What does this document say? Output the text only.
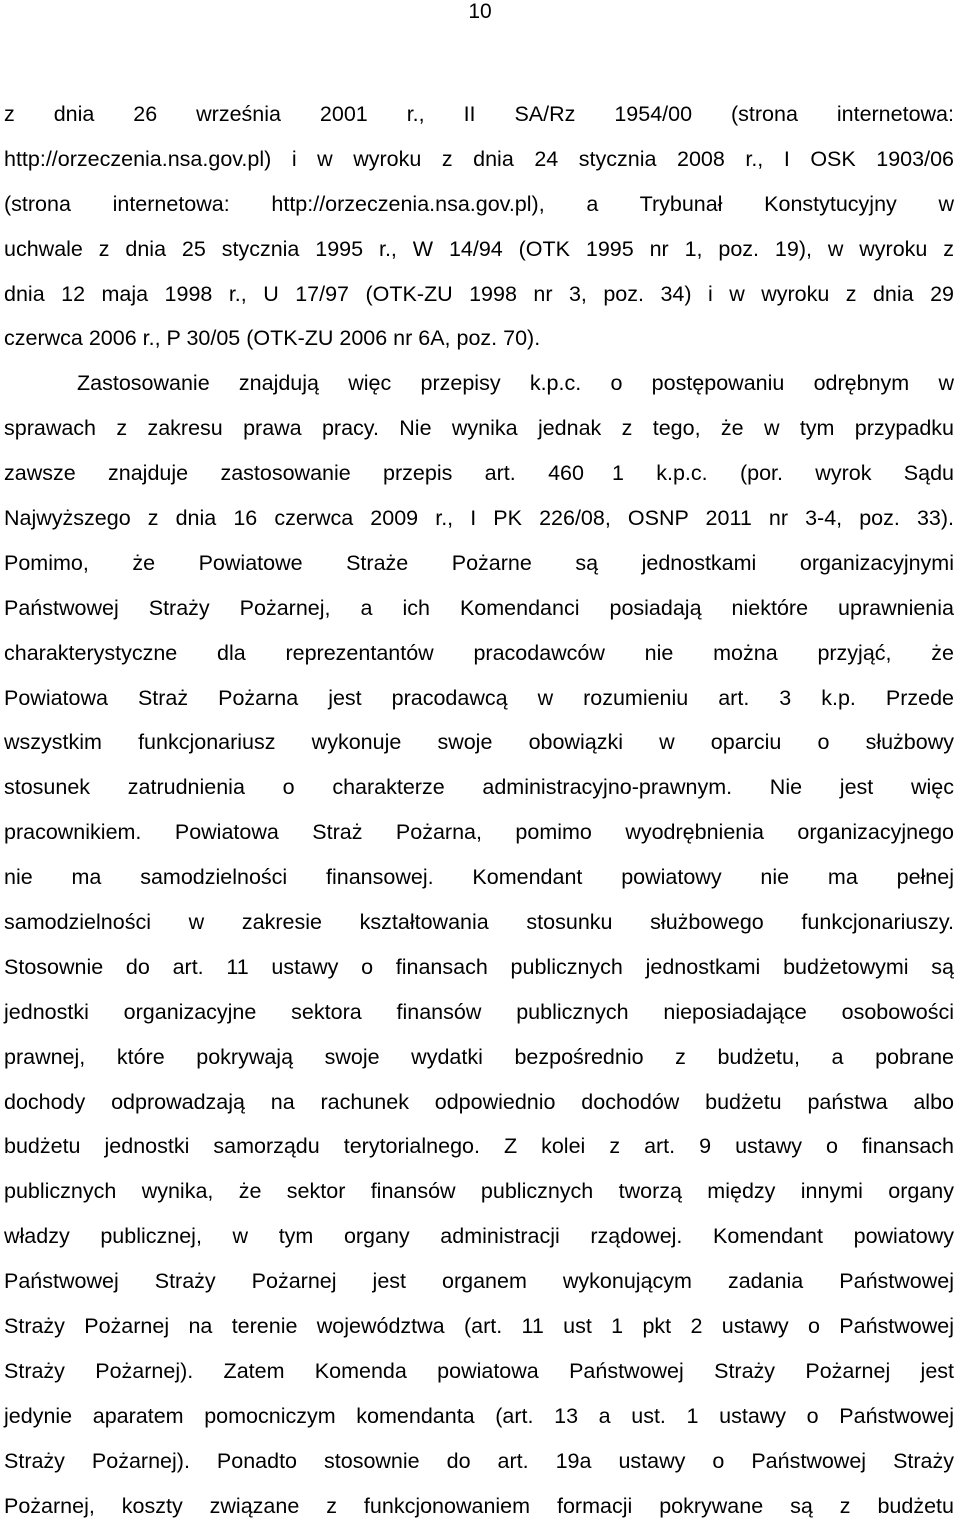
10
z dnia 26 września 2001 r., II SA/Rz 1954/00 (strona internetowa:
http://orzeczenia.nsa.gov.pl) i w wyroku z dnia 24 stycznia 2008 r., I OSK 1903/06
(strona internetowa: http://orzeczenia.nsa.gov.pl), a Trybunał Konstytucyjny w
uchwale z dnia 25 stycznia 1995 r., W 14/94 (OTK 1995 nr 1, poz. 19), w wyroku z
dnia 12 maja 1998 r., U 17/97 (OTK-ZU 1998 nr 3, poz. 34) i w wyroku z dnia 29
czerwca 2006 r., P 30/05 (OTK-ZU 2006 nr 6A, poz. 70).
Zastosowanie znajdują więc przepisy k.p.c. o postępowaniu odrębnym w
sprawach z zakresu prawa pracy. Nie wynika jednak z tego, że w tym przypadku
zawsze znajduje zastosowanie przepis art. 460 1 k.p.c. (por. wyrok Sądu
Najwyższego z dnia 16 czerwca 2009 r., I PK 226/08, OSNP 2011 nr 3-4, poz. 33).
Pomimo, że Powiatowe Straże Pożarne są jednostkami organizacyjnymi
Państwowej Straży Pożarnej, a ich Komendanci posiadają niektóre uprawnienia
charakterystyczne dla reprezentantów pracodawców nie można przyjąć, że
Powiatowa Straż Pożarna jest pracodawcą w rozumieniu art. 3 k.p. Przede
wszystkim funkcjonariusz wykonuje swoje obowiązki w oparciu o służbowy
stosunek zatrudnienia o charakterze administracyjno-prawnym. Nie jest więc
pracownikiem. Powiatowa Straż Pożarna, pomimo wyodrębnienia organizacyjnego
nie ma samodzielności finansowej. Komendant powiatowy nie ma pełnej
samodzielności w zakresie kształtowania stosunku służbowego funkcjonariuszy.
Stosownie do art. 11 ustawy o finansach publicznych jednostkami budżetowymi są
jednostki organizacyjne sektora finansów publicznych nieposiadające osobowości
prawnej, które pokrywają swoje wydatki bezpośrednio z budżetu, a pobrane
dochody odprowadzają na rachunek odpowiednio dochodów budżetu państwa albo
budżetu jednostki samorządu terytorialnego. Z kolei z art. 9 ustawy o finansach
publicznych wynika, że sektor finansów publicznych tworzą między innymi organy
władzy publicznej, w tym organy administracji rządowej. Komendant powiatowy
Państwowej Straży Pożarnej jest organem wykonującym zadania Państwowej
Straży Pożarnej na terenie województwa (art. 11 ust 1 pkt 2 ustawy o Państwowej
Straży Pożarnej). Zatem Komenda powiatowa Państwowej Straży Pożarnej jest
jedynie aparatem pomocniczym komendanta (art. 13 a ust. 1 ustawy o Państwowej
Straży Pożarnej). Ponadto stosownie do art. 19a ustawy o Państwowej Straży
Pożarnej, koszty związane z funkcjonowaniem formacji pokrywane są z budżetu
